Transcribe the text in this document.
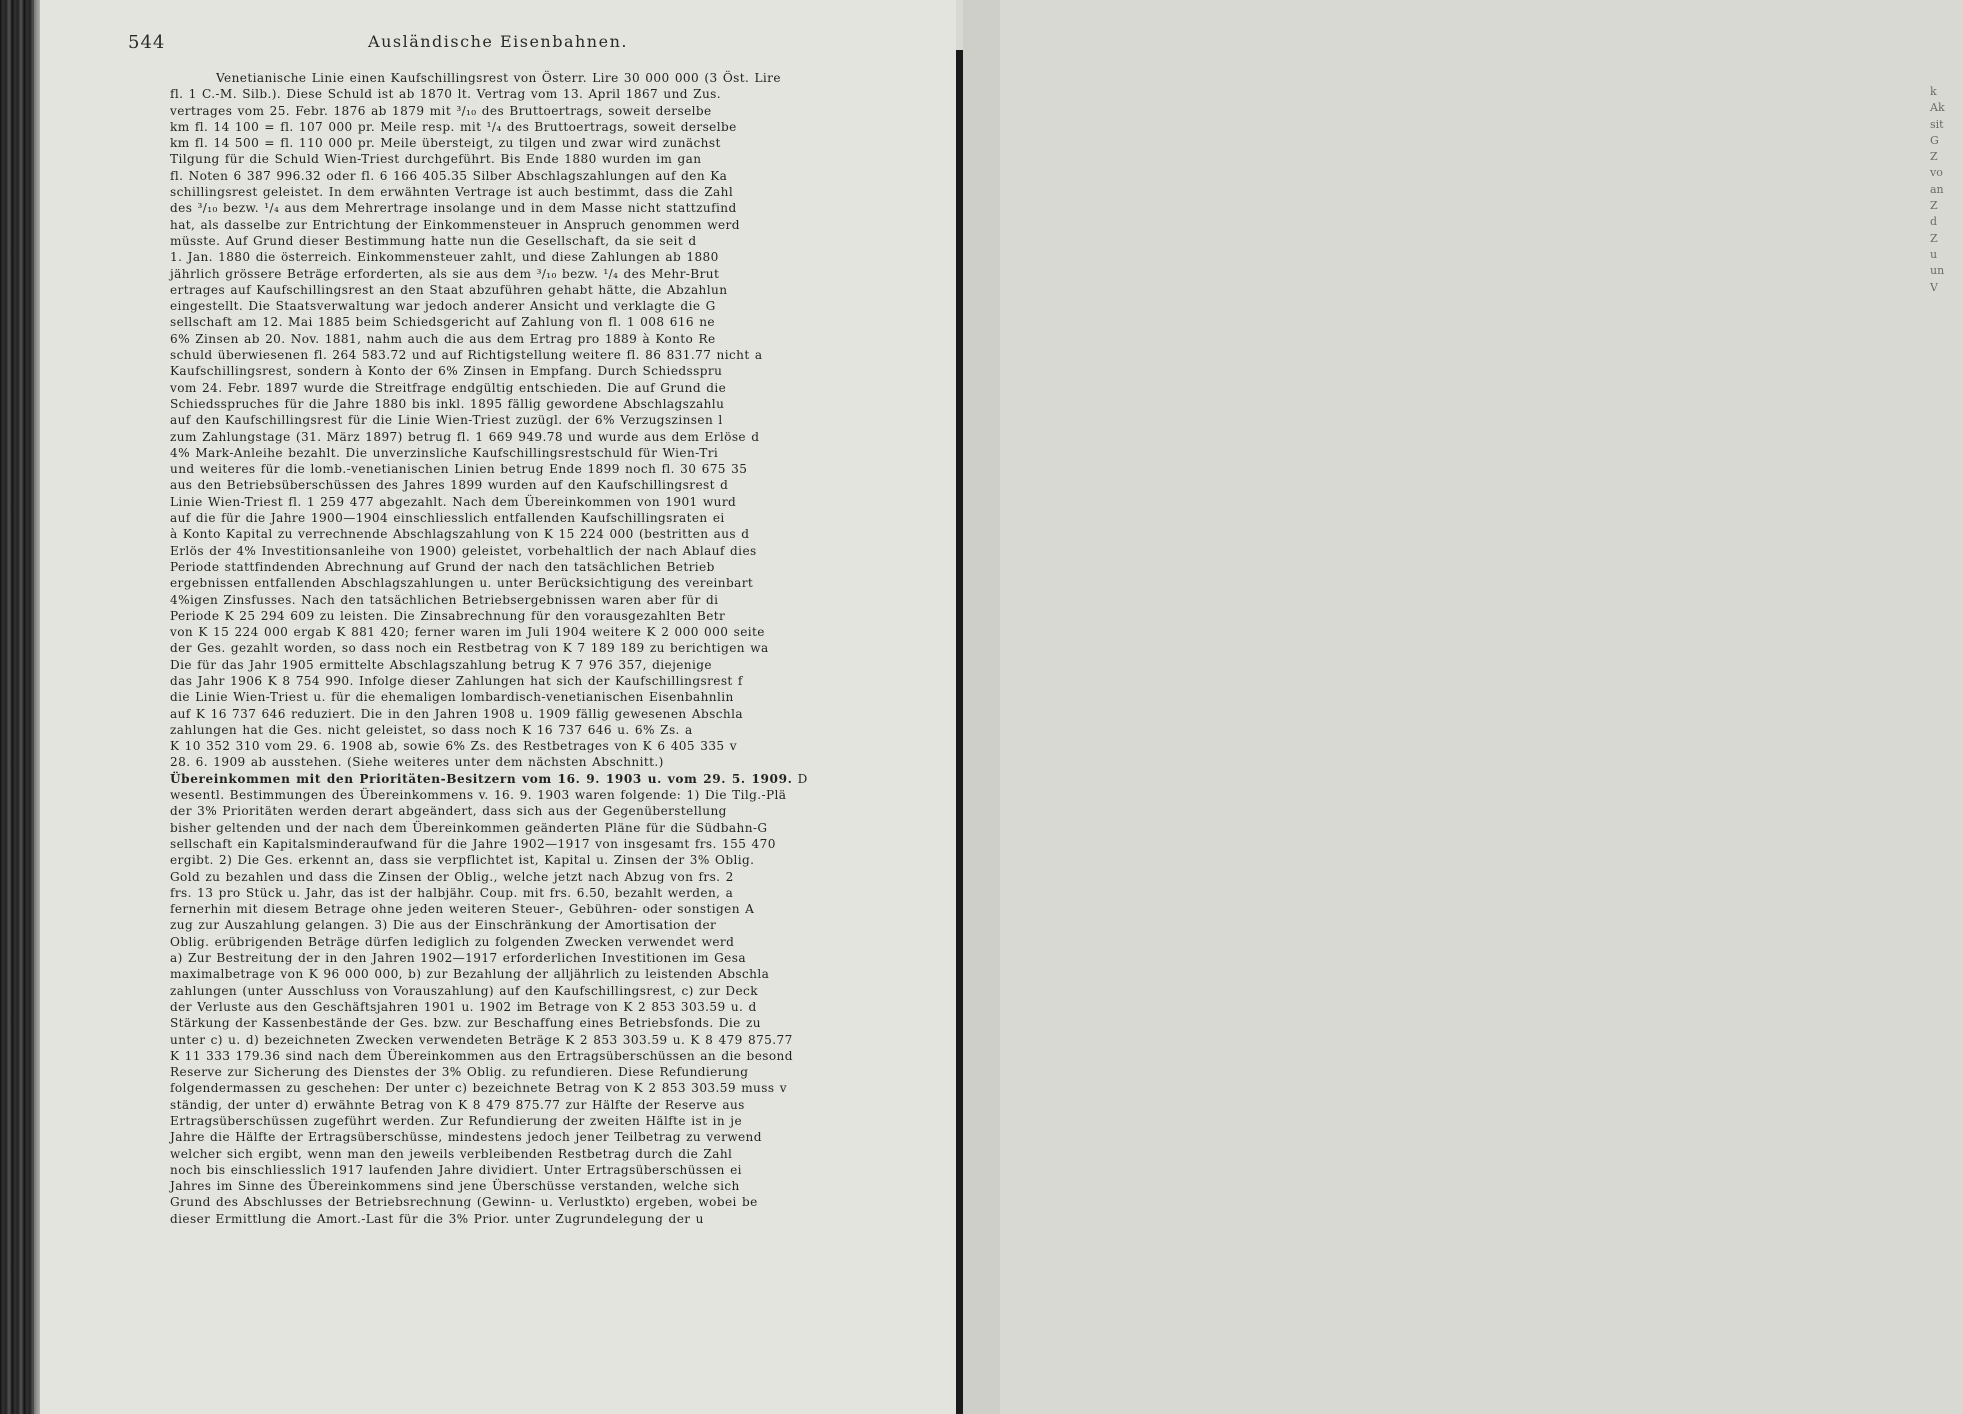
544	Ausländische Eisenbahnen.
Venetianische Linie einen Kaufschillingsrest von Österr. Lire 30 000 000 (3 Öst. Lire
fl. 1 C.-M. Silb.). Diese Schuld ist ab 1870 lt. Vertrag vom 13. April 1867 und Zus.
vertrages vom 25. Febr. 1876 ab 1879 mit ³/₁₀ des Bruttoertrags, soweit derselbe
km fl. 14 100 = fl. 107 000 pr. Meile resp. mit ¹/₄ des Bruttoertrags, soweit derselbe
km fl. 14 500 = fl. 110 000 pr. Meile übersteigt, zu tilgen und zwar wird zunächst
Tilgung für die Schuld Wien-Triest durchgeführt. Bis Ende 1880 wurden im gan
fl. Noten 6 387 996.32 oder fl. 6 166 405.35 Silber Abschlagszahlungen auf den Ka
schillingsrest geleistet. In dem erwähnten Vertrage ist auch bestimmt, dass die Zahl
des ³/₁₀ bezw. ¹/₄ aus dem Mehrertrage insolange und in dem Masse nicht stattzufind
hat, als dasselbe zur Entrichtung der Einkommensteuer in Anspruch genommen werd
müsste. Auf Grund dieser Bestimmung hatte nun die Gesellschaft, da sie seit d
1. Jan. 1880 die österreich. Einkommensteuer zahlt, und diese Zahlungen ab 1880
jährlich grössere Beträge erforderten, als sie aus dem ³/₁₀ bezw. ¹/₄ des Mehr-Brut
ertrages auf Kaufschillingsrest an den Staat abzuführen gehabt hätte, die Abzahlun
eingestellt. Die Staatsverwaltung war jedoch anderer Ansicht und verklagte die G
sellschaft am 12. Mai 1885 beim Schiedsgericht auf Zahlung von fl. 1 008 616 ne
6% Zinsen ab 20. Nov. 1881, nahm auch die aus dem Ertrag pro 1889 à Konto Re
schuld überwiesenen fl. 264 583.72 und auf Richtigstellung weitere fl. 86 831.77 nicht a
Kaufschillingsrest, sondern à Konto der 6% Zinsen in Empfang. Durch Schiedsspru
vom 24. Febr. 1897 wurde die Streitfrage endgültig entschieden. Die auf Grund die
Schiedsspruches für die Jahre 1880 bis inkl. 1895 fällig gewordene Abschlagszahlu
auf den Kaufschillingsrest für die Linie Wien-Triest zuzügl. der 6% Verzugszinsen l
zum Zahlungstage (31. März 1897) betrug fl. 1 669 949.78 und wurde aus dem Erlöse d
4% Mark-Anleihe bezahlt. Die unverzinsliche Kaufschillingsrestschuld für Wien-Tri
und weiteres für die lomb.-venetianischen Linien betrug Ende 1899 noch fl. 30 675 35
aus den Betriebsüberschüssen des Jahres 1899 wurden auf den Kaufschillingsrest d
Linie Wien-Triest fl. 1 259 477 abgezahlt. Nach dem Übereinkommen von 1901 wurd
auf die für die Jahre 1900—1904 einschliesslich entfallenden Kaufschillingsraten ei
à Konto Kapital zu verrechnende Abschlagszahlung von K 15 224 000 (bestritten aus d
Erlös der 4% Investitionsanleihe von 1900) geleistet, vorbehaltlich der nach Ablauf dies
Periode stattfindenden Abrechnung auf Grund der nach den tatsächlichen Betrieb
ergebnissen entfallenden Abschlagszahlungen u. unter Berücksichtigung des vereinbart
4%igen Zinsfusses. Nach den tatsächlichen Betriebsergebnissen waren aber für di
Periode K 25 294 609 zu leisten. Die Zinsabrechnung für den vorausgezahlten Betr
von K 15 224 000 ergab K 881 420; ferner waren im Juli 1904 weitere K 2 000 000 seite
der Ges. gezahlt worden, so dass noch ein Restbetrag von K 7 189 189 zu berichtigen wa
Die für das Jahr 1905 ermittelte Abschlagszahlung betrug K 7 976 357, diejenige
das Jahr 1906 K 8 754 990. Infolge dieser Zahlungen hat sich der Kaufschillingsrest f
die Linie Wien-Triest u. für die ehemaligen lombardisch-venetianischen Eisenbahnlin
auf K 16 737 646 reduziert. Die in den Jahren 1908 u. 1909 fällig gewesenen Abschla
zahlungen hat die Ges. nicht geleistet, so dass noch K 16 737 646 u. 6% Zs. a
K 10 352 310 vom 29. 6. 1908 ab, sowie 6% Zs. des Restbetrages von K 6 405 335 v
28. 6. 1909 ab ausstehen. (Siehe weiteres unter dem nächsten Abschnitt.)
Übereinkommen mit den Prioritäten-Besitzern vom 16. 9. 1903 u. vom 29. 5. 1909. D
wesentl. Bestimmungen des Übereinkommens v. 16. 9. 1903 waren folgende: 1) Die Tilg.-Plä
der 3% Prioritäten werden derart abgeändert, dass sich aus der Gegenüberstellung
bisher geltenden und der nach dem Übereinkommen geänderten Pläne für die Südbahn-G
sellschaft ein Kapitalsminderaufwand für die Jahre 1902—1917 von insgesamt frs. 155 470
ergibt. 2) Die Ges. erkennt an, dass sie verpflichtet ist, Kapital u. Zinsen der 3% Oblig.
Gold zu bezahlen und dass die Zinsen der Oblig., welche jetzt nach Abzug von frs. 2
frs. 13 pro Stück u. Jahr, das ist der halbjähr. Coup. mit frs. 6.50, bezahlt werden, a
fernerhin mit diesem Betrage ohne jeden weiteren Steuer-, Gebühren- oder sonstigen A
zug zur Auszahlung gelangen. 3) Die aus der Einschränkung der Amortisation der
Oblig. erübrigenden Beträge dürfen lediglich zu folgenden Zwecken verwendet werd
a) Zur Bestreitung der in den Jahren 1902—1917 erforderlichen Investitionen im Gesa
maximalbetrage von K 96 000 000, b) zur Bezahlung der alljährlich zu leistenden Abschla
zahlungen (unter Ausschluss von Vorauszahlung) auf den Kaufschillingsrest, c) zur Deck
der Verluste aus den Geschäftsjahren 1901 u. 1902 im Betrage von K 2 853 303.59 u. d
Stärkung der Kassenbestände der Ges. bzw. zur Beschaffung eines Betriebsfonds. Die zu
unter c) u. d) bezeichneten Zwecken verwendeten Beträge K 2 853 303.59 u. K 8 479 875.77
K 11 333 179.36 sind nach dem Übereinkommen aus den Ertragsüberschüssen an die besond
Reserve zur Sicherung des Dienstes der 3% Oblig. zu refundieren. Diese Refundierung
folgendermassen zu geschehen: Der unter c) bezeichnete Betrag von K 2 853 303.59 muss v
ständig, der unter d) erwähnte Betrag von K 8 479 875.77 zur Hälfte der Reserve aus
Ertragsüberschüssen zugeführt werden. Zur Refundierung der zweiten Hälfte ist in je
Jahre die Hälfte der Ertragsüberschüsse, mindestens jedoch jener Teilbetrag zu verwend
welcher sich ergibt, wenn man den jeweils verbleibenden Restbetrag durch die Zahl
noch bis einschliesslich 1917 laufenden Jahre dividiert. Unter Ertragsüberschüssen ei
Jahres im Sinne des Übereinkommens sind jene Überschüsse verstanden, welche sich
Grund des Abschlusses der Betriebsrechnung (Gewinn- u. Verlustkto) ergeben, wobei be
dieser Ermittlung die Amort.-Last für die 3% Prior. unter Zugrundelegung der u
k
Ak
sit
G
Z
vo
an
Z
d
Z
u
un
V
